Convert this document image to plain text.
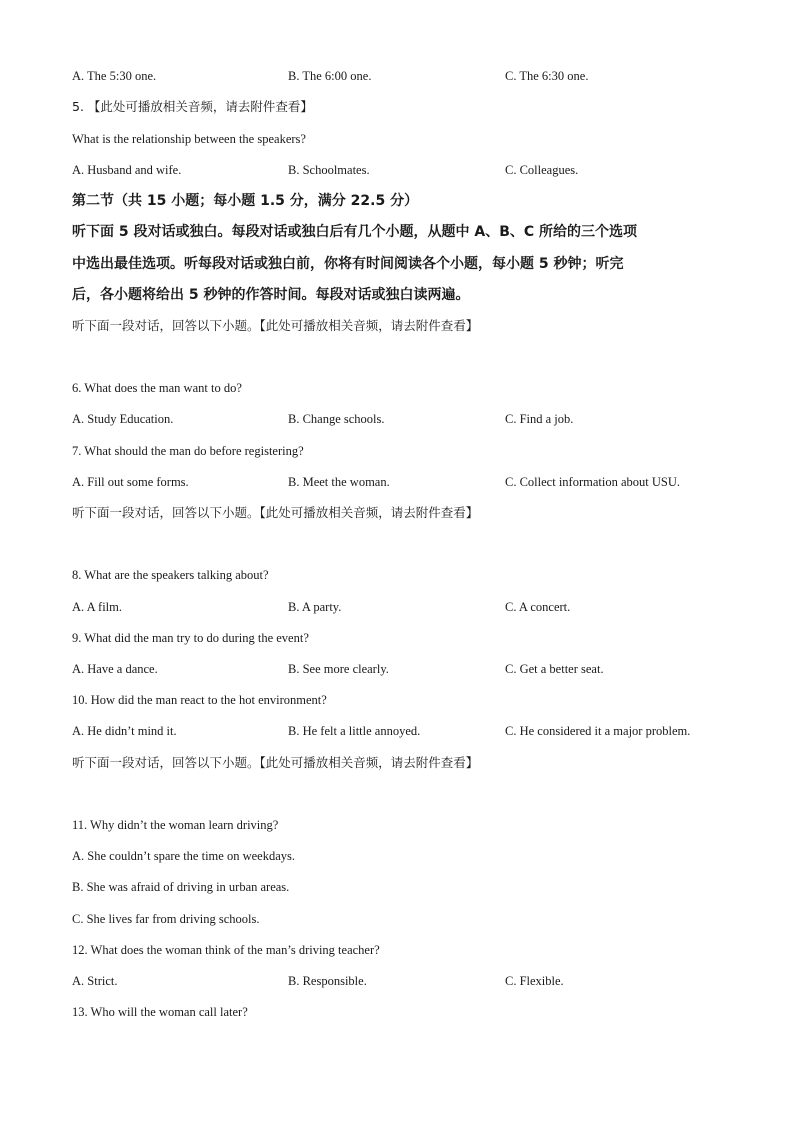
A. The 5:30 one.	B. The 6:00 one.	C. The 6:30 one.
5. 【此处可播放相关音频，请去附件查看】
What is the relationship between the speakers?
A. Husband and wife.	B. Schoolmates.	C. Colleagues.
第二节（共 15 小题；每小题 1.5 分，满分 22.5 分）
听下面 5 段对话或独白。每段对话或独白后有几个小题，从题中 A、B、C 所给的三个选项
中选出最佳选项。听每段对话或独白前，你将有时间阅读各个小题，每小题 5 秒钟；听完
后，各小题将给出 5 秒钟的作答时间。每段对话或独白读两遍。
听下面一段对话，回答以下小题。【此处可播放相关音频，请去附件查看】
6. What does the man want to do?
A. Study Education.	B. Change schools.	C. Find a job.
7. What should the man do before registering?
A. Fill out some forms.	B. Meet the woman.	C. Collect information about USU.
听下面一段对话，回答以下小题。【此处可播放相关音频，请去附件查看】
8. What are the speakers talking about?
A. A film.	B. A party.	C. A concert.
9. What did the man try to do during the event?
A. Have a dance.	B. See more clearly.	C. Get a better seat.
10. How did the man react to the hot environment?
A. He didn’t mind it.	B. He felt a little annoyed.	C. He considered it a major problem.
听下面一段对话，回答以下小题。【此处可播放相关音频，请去附件查看】
11. Why didn’t the woman learn driving?
A. She couldn’t spare the time on weekdays.
B. She was afraid of driving in urban areas.
C. She lives far from driving schools.
12. What does the woman think of the man’s driving teacher?
A. Strict.	B. Responsible.	C. Flexible.
13. Who will the woman call later?
